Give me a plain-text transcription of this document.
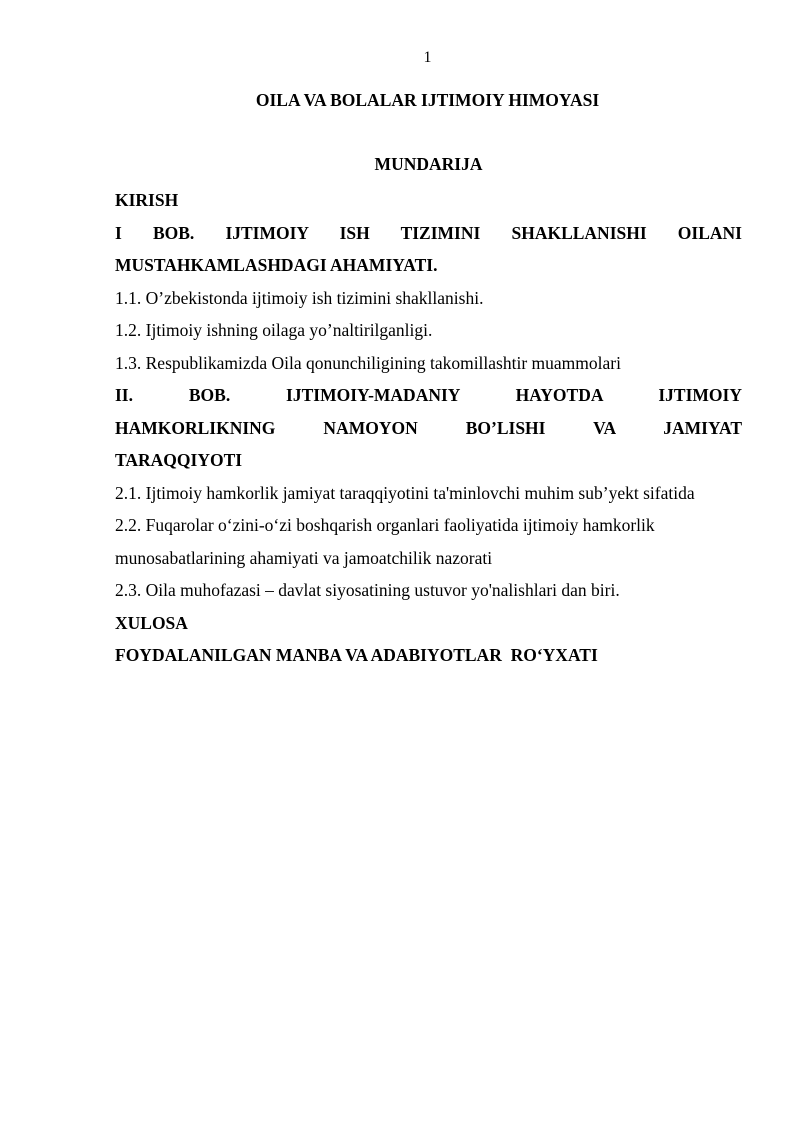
1

OILA VA BOLALAR IJTIMOIY HIMOYASI

MUNDARIJA

KIRISH
I BOB. IJTIMOIY ISH TIZIMINI SHAKLLANISHI OILANI
MUSTAHKAMLASHDAGI AHAMIYATI.
1.1. O’zbekistonda ijtimoiy ish tizimini shakllanishi.
1.2. Ijtimoiy ishning oilaga yo’naltirilganligi.
1.3. Respublikamizda Oila qonunchiligining takomillashtir muammolari
II. BOB. IJTIMOIY-MADANIY HAYOTDA IJTIMOIY
HAMKORLIKNING NAMOYON BO’LISHI VA JAMIYAT
TARAQQIYOTI
2.1. Ijtimoiy hamkorlik jamiyat taraqqiyotini ta'minlovchi muhim sub’yekt sifatida
2.2. Fuqarolar o‘zini-o‘zi boshqarish organlari faoliyatida ijtimoiy hamkorlik
munosabatlarining ahamiyati va jamoatchilik nazorati
2.3. Oila muhofazasi – davlat siyosatining ustuvor yo'nalishlari dan biri.
XULOSA
FOYDALANILGAN MANBA VA ADABIYOTLAR  RO‘YXATI
